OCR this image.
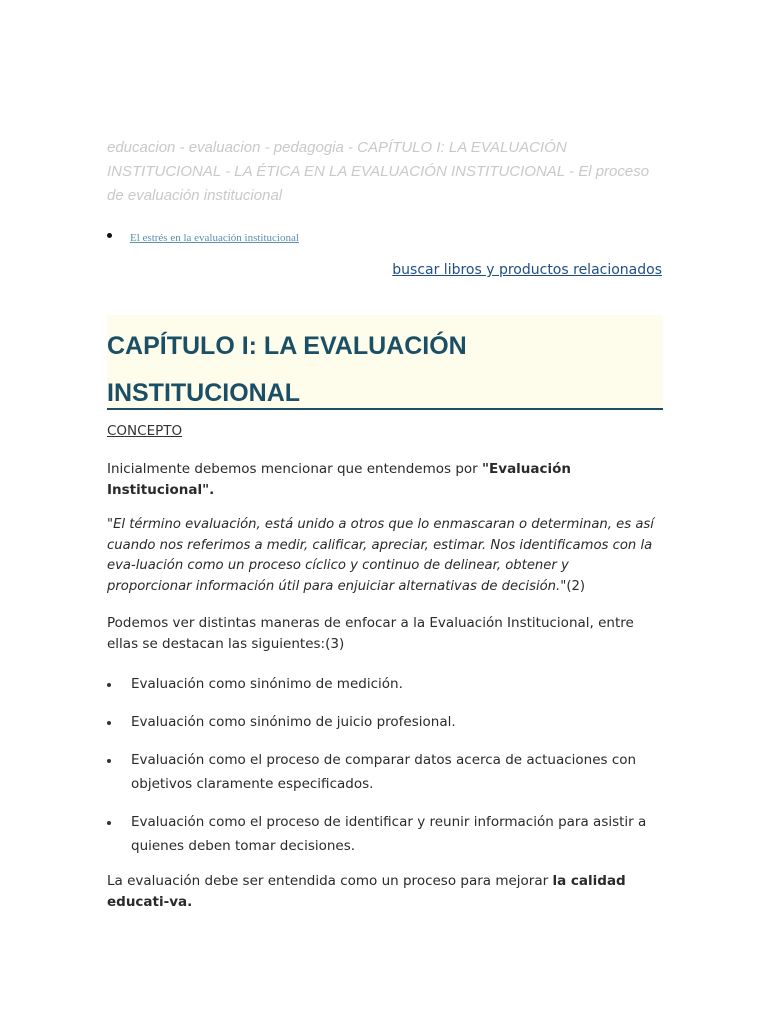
educacion - evaluacion - pedagogia - CAPÍTULO I: LA EVALUACIÓN INSTITUCIONAL - LA ÉTICA EN LA EVALUACIÓN INSTITUCIONAL - El proceso de evaluación institucional
El estrés en la evaluación institucional
buscar libros y productos relacionados
CAPÍTULO I: LA EVALUACIÓN INSTITUCIONAL
CONCEPTO

Inicialmente debemos mencionar que entendemos por "Evaluación Institucional".

"El término evaluación, está unido a otros que lo enmascaran o determinan, es así cuando nos referimos a medir, calificar, apreciar, estimar. Nos identificamos con la eva-luación como un proceso cíclico y continuo de delinear, obtener y proporcionar información útil para enjuiciar alternativas de decisión."(2)

Podemos ver distintas maneras de enfocar a la Evaluación Institucional, entre ellas se destacan las siguientes:(3)

Evaluación como sinónimo de medición.
Evaluación como sinónimo de juicio profesional.
Evaluación como el proceso de comparar datos acerca de actuaciones con objetivos claramente especificados.
Evaluación como el proceso de identificar y reunir información para asistir a quienes deben tomar decisiones.

La evaluación debe ser entendida como un proceso para mejorar la calidad educati-va.
